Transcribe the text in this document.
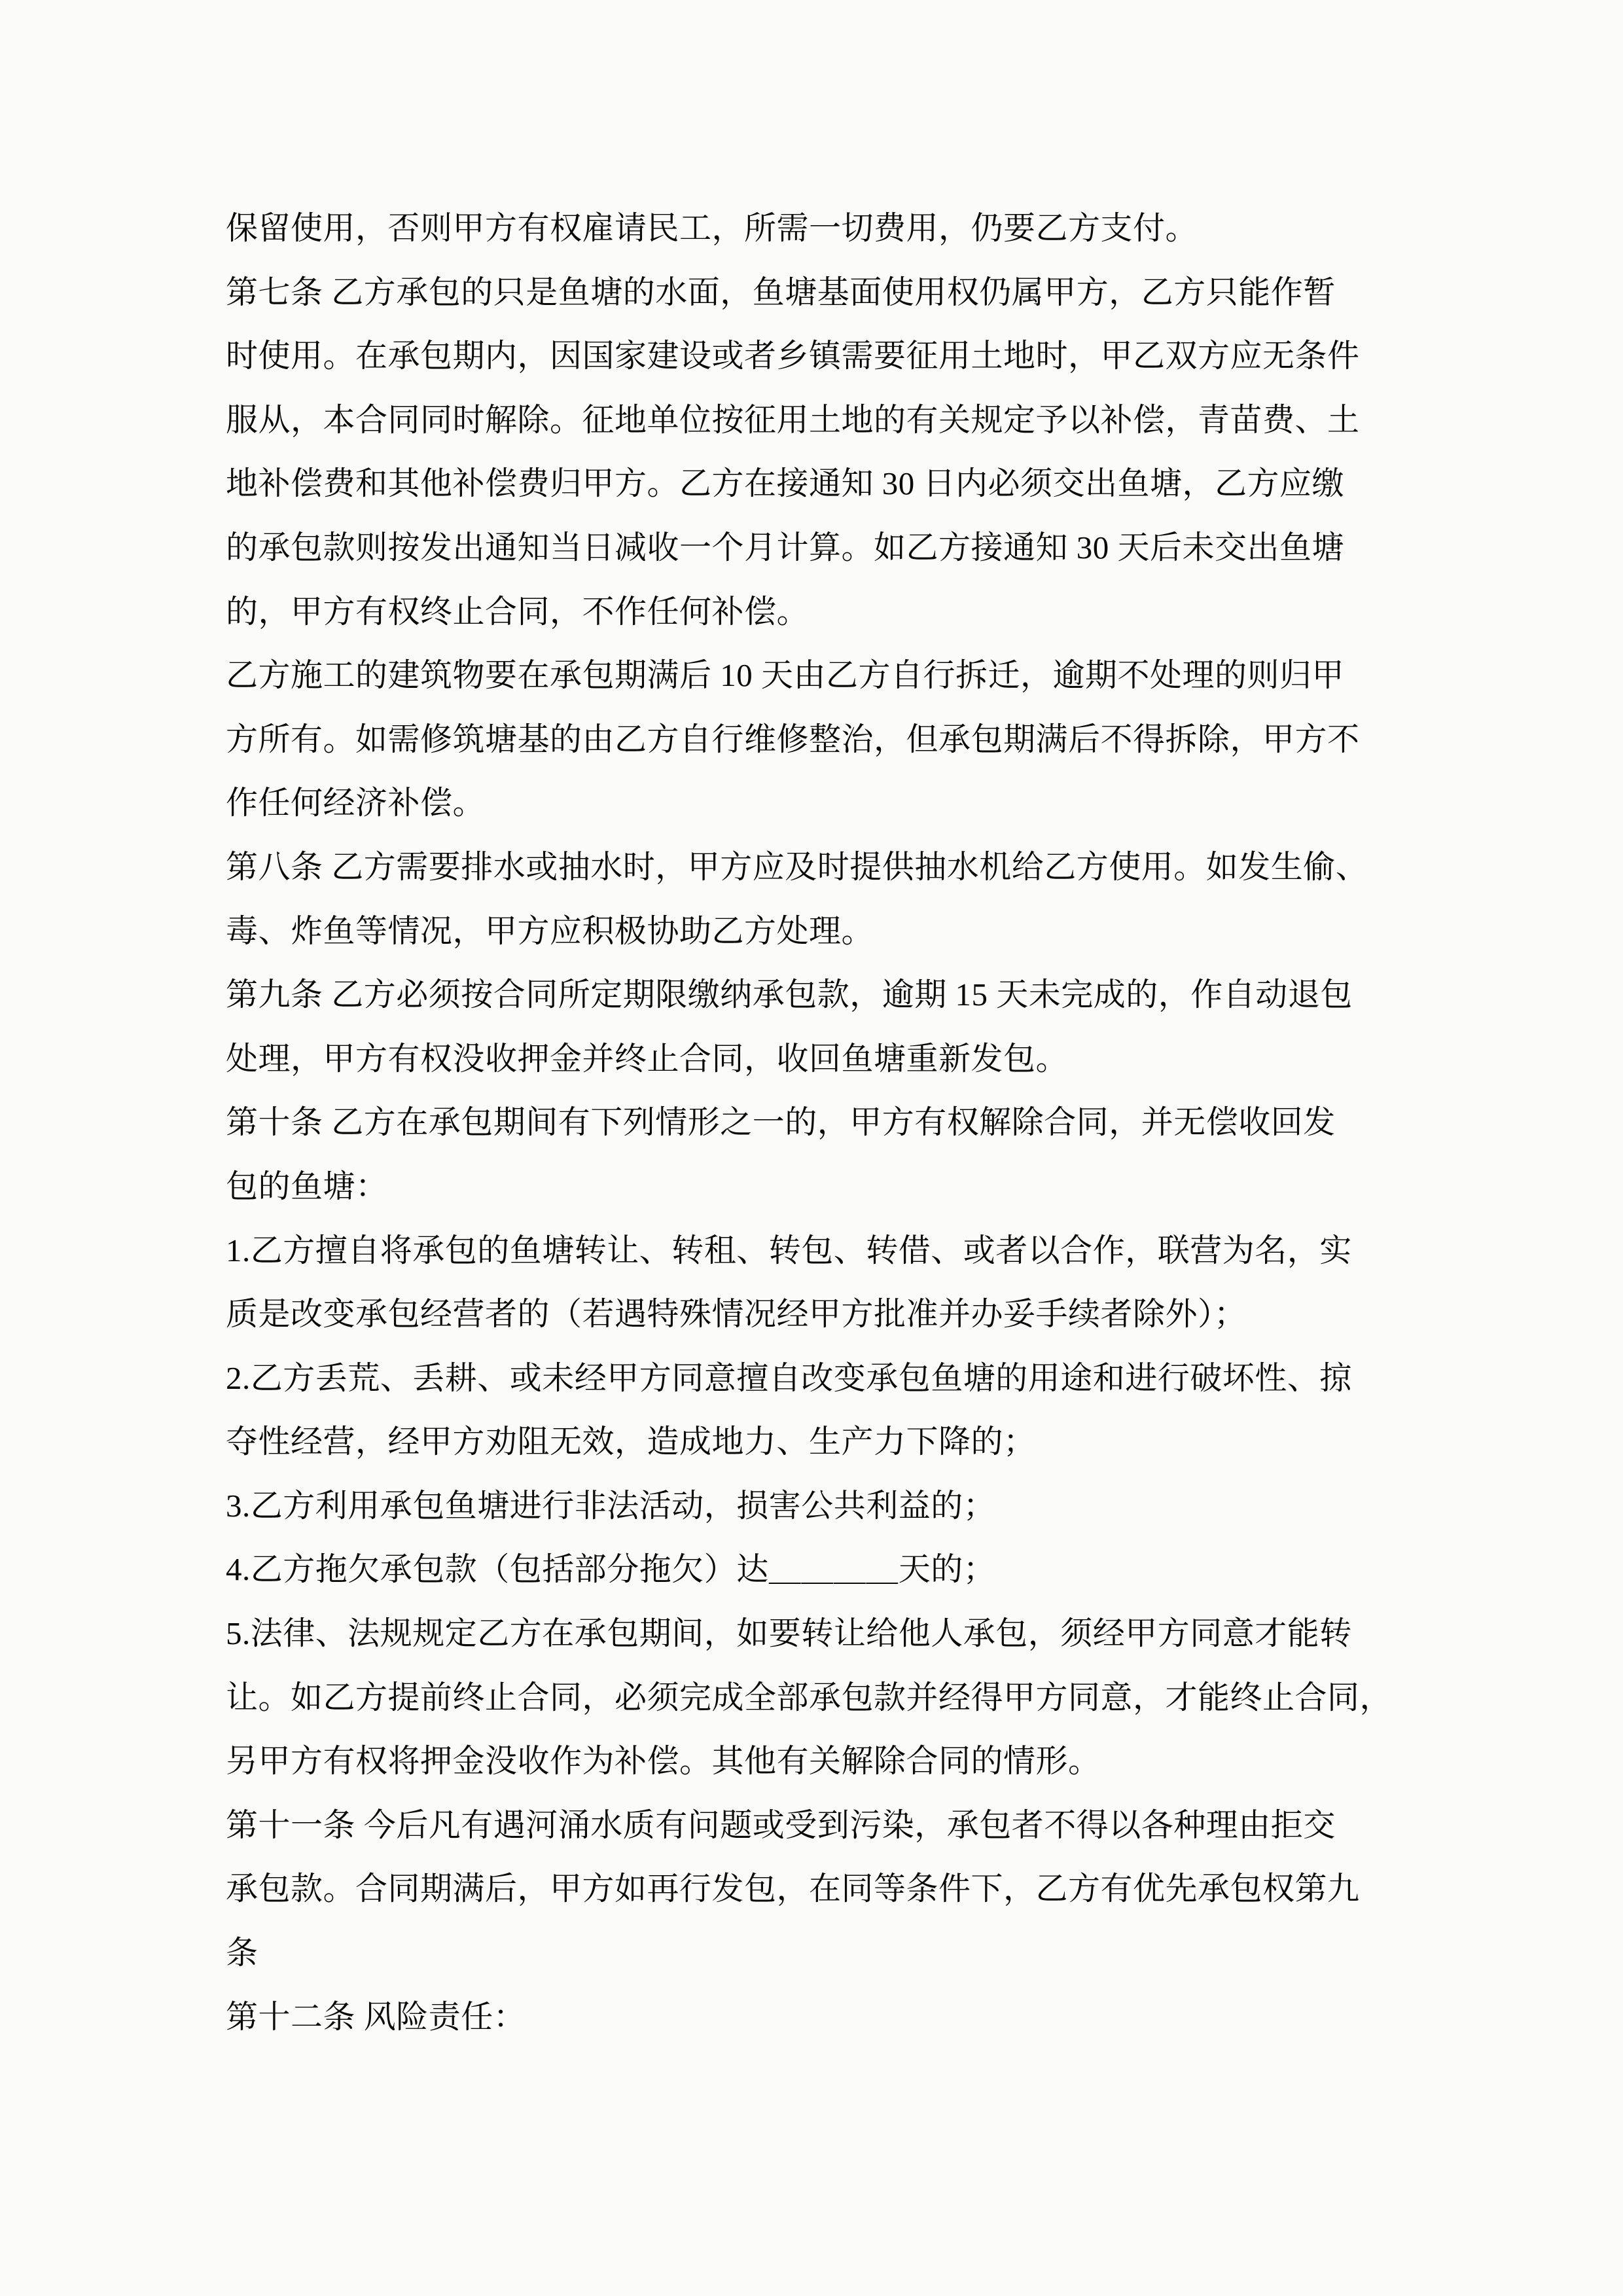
保留使用，否则甲方有权雇请民工，所需一切费用，仍要乙方支付。
第七条 乙方承包的只是鱼塘的水面，鱼塘基面使用权仍属甲方，乙方只能作暂
时使用。在承包期内，因国家建设或者乡镇需要征用土地时，甲乙双方应无条件
服从，本合同同时解除。征地单位按征用土地的有关规定予以补偿，青苗费、土
地补偿费和其他补偿费归甲方。乙方在接通知 30 日内必须交出鱼塘，乙方应缴
的承包款则按发出通知当日减收一个月计算。如乙方接通知 30 天后未交出鱼塘
的，甲方有权终止合同，不作任何补偿。
乙方施工的建筑物要在承包期满后 10 天由乙方自行拆迁，逾期不处理的则归甲
方所有。如需修筑塘基的由乙方自行维修整治，但承包期满后不得拆除，甲方不
作任何经济补偿。
第八条 乙方需要排水或抽水时，甲方应及时提供抽水机给乙方使用。如发生偷、
毒、炸鱼等情况，甲方应积极协助乙方处理。
第九条 乙方必须按合同所定期限缴纳承包款，逾期 15 天未完成的，作自动退包
处理，甲方有权没收押金并终止合同，收回鱼塘重新发包。
第十条 乙方在承包期间有下列情形之一的，甲方有权解除合同，并无偿收回发
包的鱼塘：
1.乙方擅自将承包的鱼塘转让、转租、转包、转借、或者以合作，联营为名，实
质是改变承包经营者的（若遇特殊情况经甲方批准并办妥手续者除外）；
2.乙方丢荒、丢耕、或未经甲方同意擅自改变承包鱼塘的用途和进行破坏性、掠
夺性经营，经甲方劝阻无效，造成地力、生产力下降的；
3.乙方利用承包鱼塘进行非法活动，损害公共利益的；
4.乙方拖欠承包款（包括部分拖欠）达＿＿＿＿天的；
5.法律、法规规定乙方在承包期间，如要转让给他人承包，须经甲方同意才能转
让。如乙方提前终止合同，必须完成全部承包款并经得甲方同意，才能终止合同，
另甲方有权将押金没收作为补偿。其他有关解除合同的情形。
第十一条 今后凡有遇河涌水质有问题或受到污染，承包者不得以各种理由拒交
承包款。合同期满后，甲方如再行发包，在同等条件下，乙方有优先承包权第九
条
第十二条 风险责任：
